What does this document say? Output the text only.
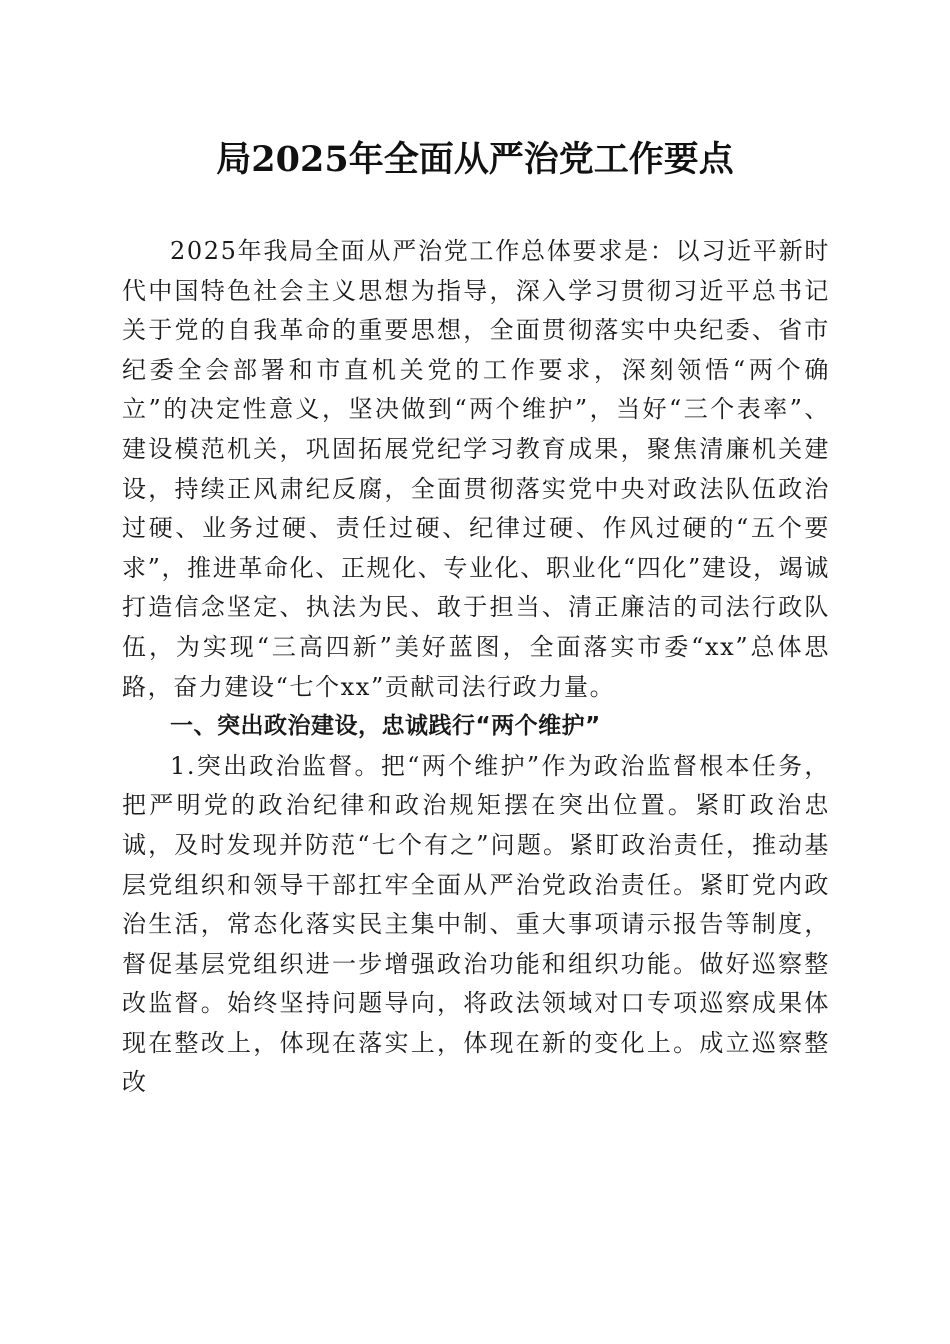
局2025年全面从严治党工作要点

2025年我局全面从严治党工作总体要求是：以习近平新时代中国特色社会主义思想为指导，深入学习贯彻习近平总书记关于党的自我革命的重要思想，全面贯彻落实中央纪委、省市纪委全会部署和市直机关党的工作要求，深刻领悟“两个确立”的决定性意义，坚决做到“两个维护”，当好“三个表率”、建设模范机关，巩固拓展党纪学习教育成果，聚焦清廉机关建设，持续正风肃纪反腐，全面贯彻落实党中央对政法队伍政治过硬、业务过硬、责任过硬、纪律过硬、作风过硬的“五个要求”，推进革命化、正规化、专业化、职业化“四化”建设，竭诚打造信念坚定、执法为民、敢于担当、清正廉洁的司法行政队伍，为实现“三高四新”美好蓝图，全面落实市委“xx”总体思路，奋力建设“七个xx”贡献司法行政力量。

一、突出政治建设，忠诚践行“两个维护”

1.突出政治监督。把“两个维护”作为政治监督根本任务，把严明党的政治纪律和政治规矩摆在突出位置。紧盯政治忠诚，及时发现并防范“七个有之”问题。紧盯政治责任，推动基层党组织和领导干部扛牢全面从严治党政治责任。紧盯党内政治生活，常态化落实民主集中制、重大事项请示报告等制度，督促基层党组织进一步增强政治功能和组织功能。做好巡察整改监督。始终坚持问题导向，将政法领域对口专项巡察成果体现在整改上，体现在落实上，体现在新的变化上。成立巡察整改
